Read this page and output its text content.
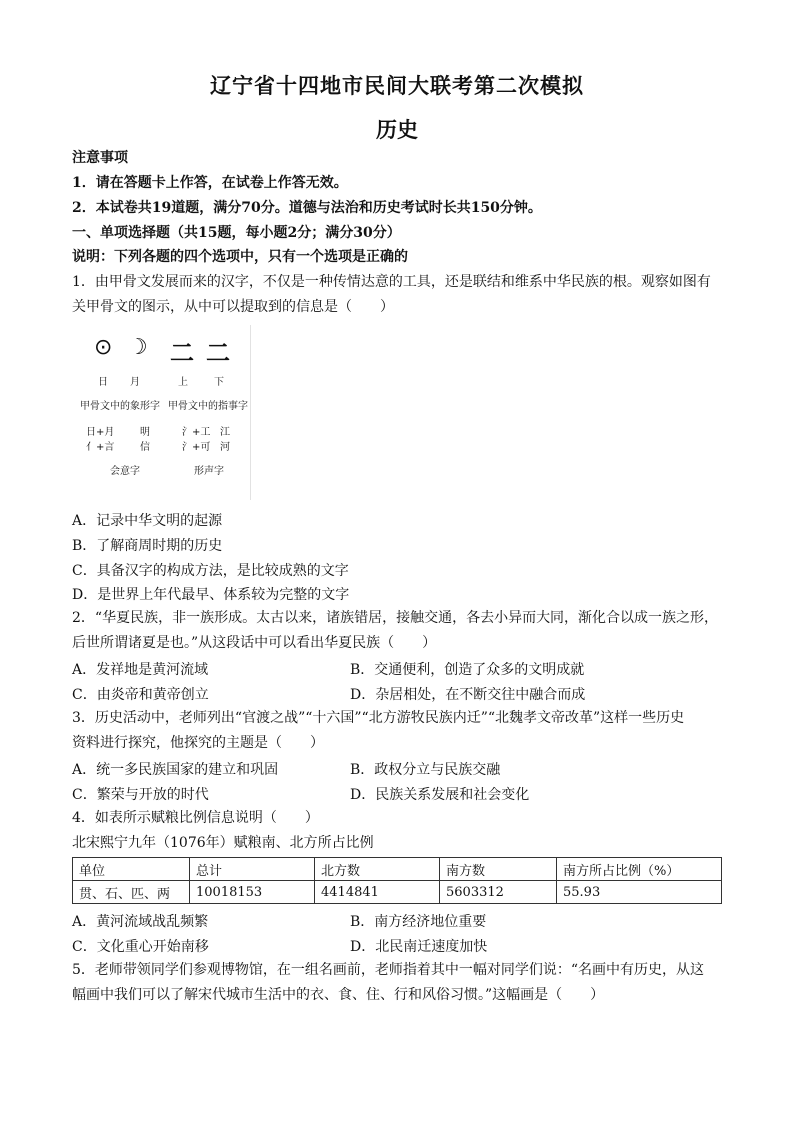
辽宁省十四地市民间大联考第二次模拟
历史
注意事项
1．请在答题卡上作答，在试卷上作答无效。
2．本试卷共19道题，满分70分。道德与法治和历史考试时长共150分钟。
一、单项选择题（共15题，每小题2分；满分30分）
说明：下列各题的四个选项中，只有一个选项是正确的
1．由甲骨文发展而来的汉字，不仅是一种传情达意的工具，还是联结和维系中华民族的根。观察如图有
关甲骨文的图示，从中可以提取到的信息是（　　）
⊙ ☽ 二 二
日 月	上	下
甲骨文中的象形字 甲骨文中的指事字
日+月	明
亻+言	信
氵+工 江
氵+可 河
会意字	形声字
A．记录中华文明的起源
B．了解商周时期的历史
C．具备汉字的构成方法，是比较成熟的文字
D．是世界上年代最早、体系较为完整的文字
2．“华夏民族，非一族形成。太古以来，诸族错居，接触交通，各去小异而大同，渐化合以成一族之形，
后世所谓诸夏是也。”从这段话中可以看出华夏民族（　　）
A．发祥地是黄河流域	B．交通便利，创造了众多的文明成就
C．由炎帝和黄帝创立	D．杂居相处，在不断交往中融合而成
3．历史活动中，老师列出“官渡之战”“十六国”“北方游牧民族内迁”“北魏孝文帝改革”这样一些历史
资料进行探究，他探究的主题是（　　）
A．统一多民族国家的建立和巩固	B．政权分立与民族交融
C．繁荣与开放的时代	D．民族关系发展和社会变化
4．如表所示赋粮比例信息说明（　　）
北宋熙宁九年（1076年）赋粮南、北方所占比例
单位	总计	北方数	南方数	南方所占比例（%）
贯、石、匹、两	10018153	4414841	5603312	55.93
A．黄河流域战乱频繁	B．南方经济地位重要
C．文化重心开始南移	D．北民南迁速度加快
5．老师带领同学们参观博物馆，在一组名画前，老师指着其中一幅对同学们说：“名画中有历史，从这
幅画中我们可以了解宋代城市生活中的衣、食、住、行和风俗习惯。”这幅画是（　　）
